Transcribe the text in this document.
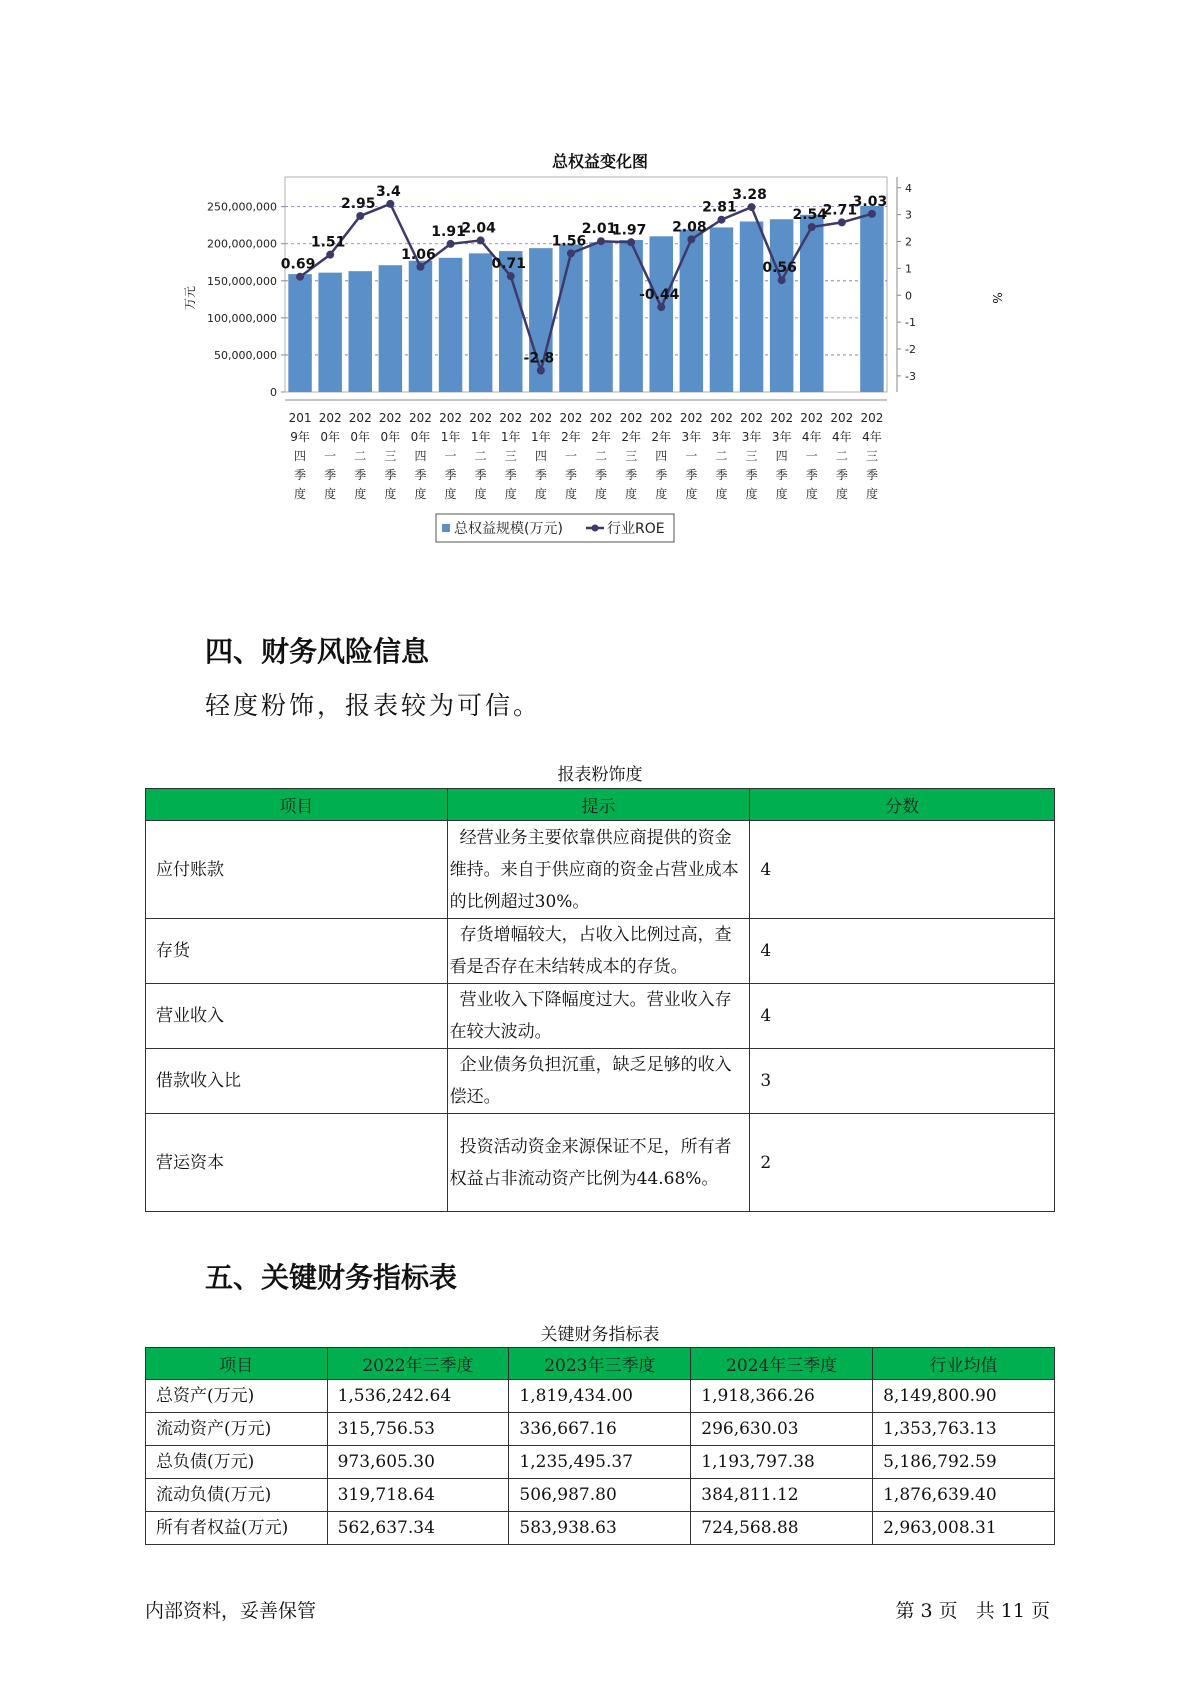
总权益变化图
万元	%
0.69
1.51
2.95
3.4
1.06
1.91
2.04
0.71
-2.8
1.56
2.01
1.97
-0.44
2.08
2.81
3.28
0.56
2.54
2.71
3.03
0
50,000,000
100,000,000
150,000,000
200,000,000
250,000,000
-3
-2
-1
0
1
2
3
4
201 9年四季度
202 0年一季度
202 0年二季度
202 0年三季度
202 0年四季度
202 1年一季度
202 1年二季度
202 1年三季度
202 1年四季度
202 2年一季度
202 2年二季度
202 2年三季度
202 2年四季度
202 3年一季度
202 3年二季度
202 3年三季度
202 3年四季度
202 4年一季度
202 4年二季度
202 4年三季度
总权益规模(万元)	行业ROE
四、财务风险信息

轻度粉饰，报表较为可信。

报表粉饰度

项目	提示	分数
应付账款	经营业务主要依靠供应商提供的资金维持。来自于供应商的资金占营业成本的比例超过30%。	4
存货	存货增幅较大，占收入比例过高，查看是否存在未结转成本的存货。	4
营业收入	营业收入下降幅度过大。营业收入存在较大波动。	4
借款收入比	企业债务负担沉重，缺乏足够的收入偿还。	3
营运资本	投资活动资金来源保证不足，所有者权益占非流动资产比例为44.68%。	2
五、关键财务指标表

关键财务指标表

项目	2022年三季度	2023年三季度	2024年三季度	行业均值
总资产(万元)	1,536,242.64	1,819,434.00	1,918,366.26	8,149,800.90
流动资产(万元)	315,756.53	336,667.16	296,630.03	1,353,763.13
总负债(万元)	973,605.30	1,235,495.37	1,193,797.38	5,186,792.59
流动负债(万元)	319,718.64	506,987.80	384,811.12	1,876,639.40
所有者权益(万元)	562,637.34	583,938.63	724,568.88	2,963,008.31

内部资料，妥善保管	第 3 页   共 11 页
